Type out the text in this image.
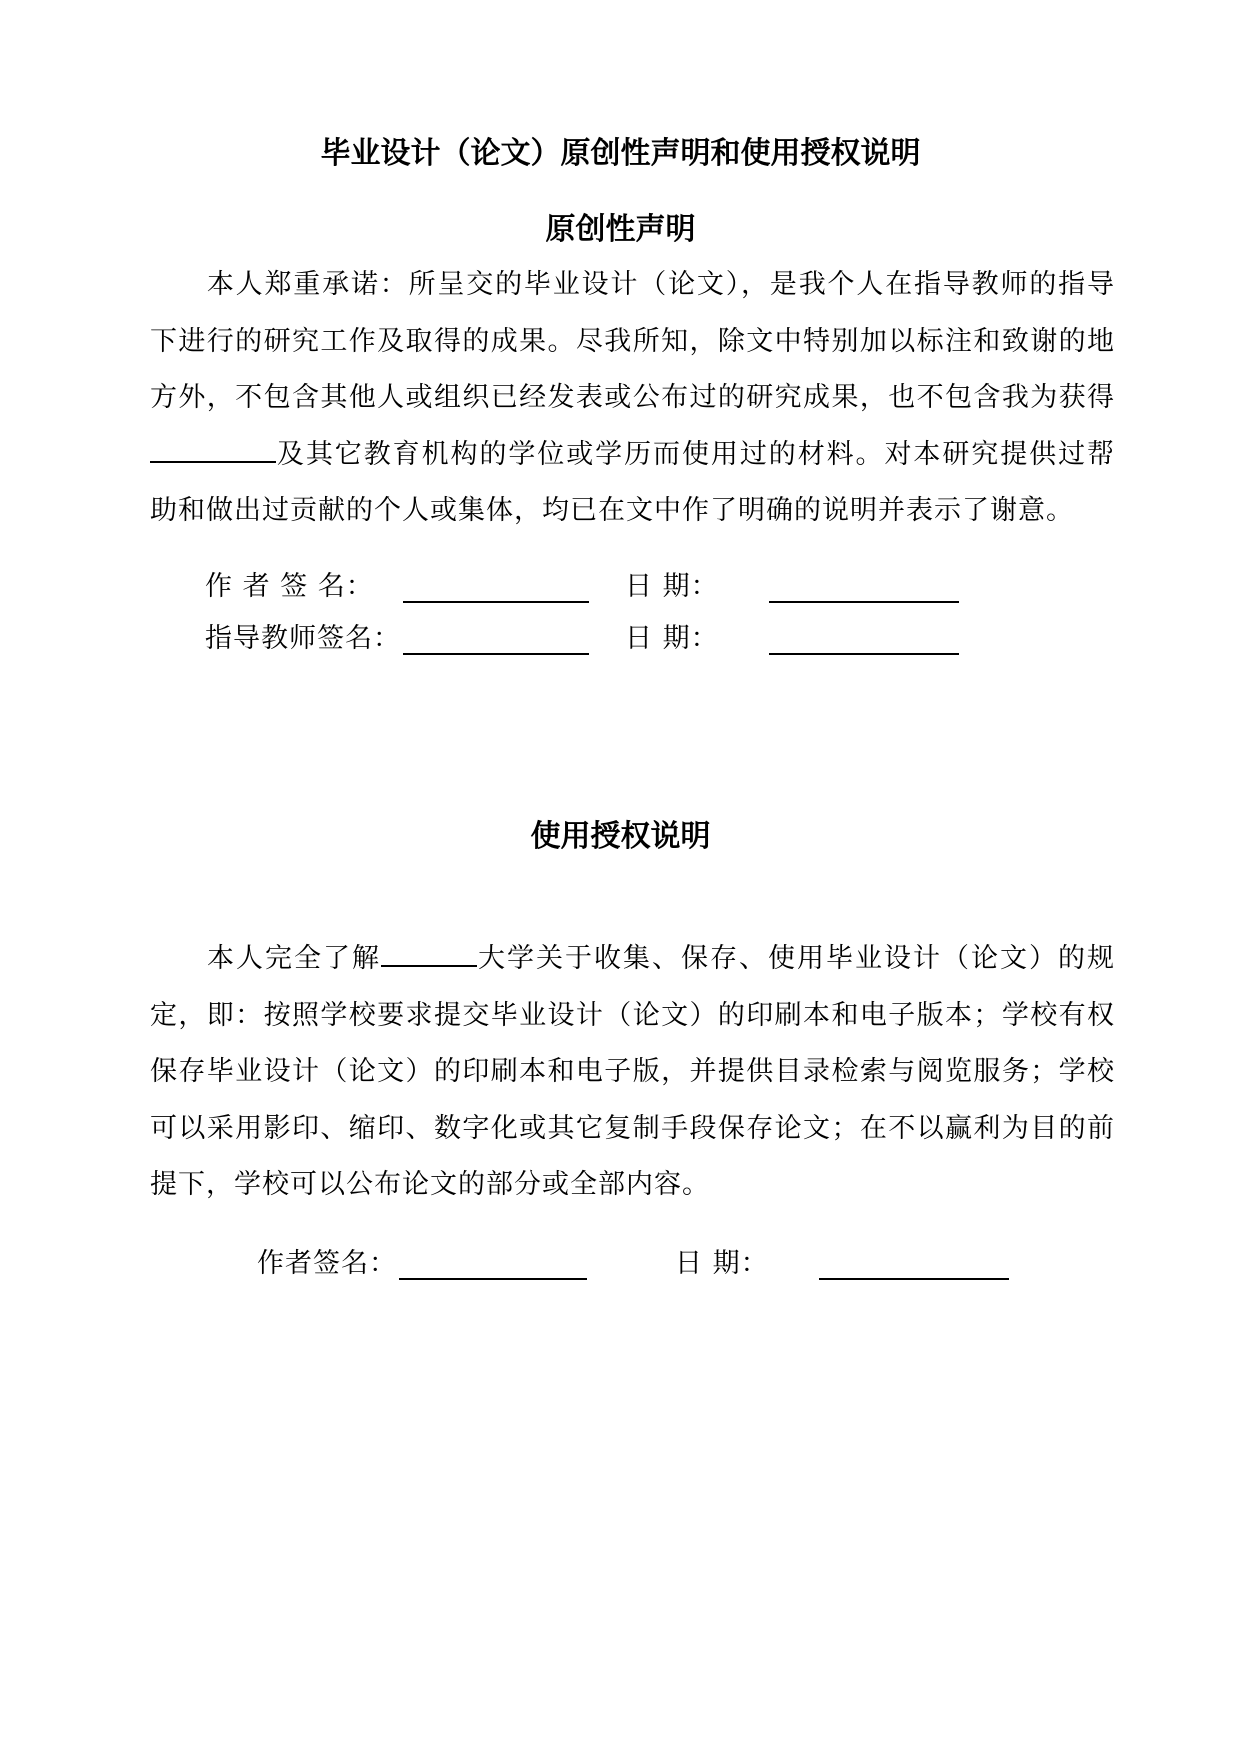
毕业设计（论文）原创性声明和使用授权说明
原创性声明
本人郑重承诺：所呈交的毕业设计（论文），是我个人在指导教师的指导下进行的研究工作及取得的成果。尽我所知，除文中特别加以标注和致谢的地方外，不包含其他人或组织已经发表或公布过的研究成果，也不包含我为获得及其它教育机构的学位或学历而使用过的材料。对本研究提供过帮助和做出过贡献的个人或集体，均已在文中作了明确的说明并表示了谢意。
作 者 签 名：	日 期：
指导教师签名：	日 期：
使用授权说明
本人完全了解	大学关于收集、保存、使用毕业设计（论文）的规定，即：按照学校要求提交毕业设计（论文）的印刷本和电子版本；学校有权保存毕业设计（论文）的印刷本和电子版，并提供目录检索与阅览服务；学校可以采用影印、缩印、数字化或其它复制手段保存论文；在不以赢利为目的前提下，学校可以公布论文的部分或全部内容。
作者签名：	日 期：
